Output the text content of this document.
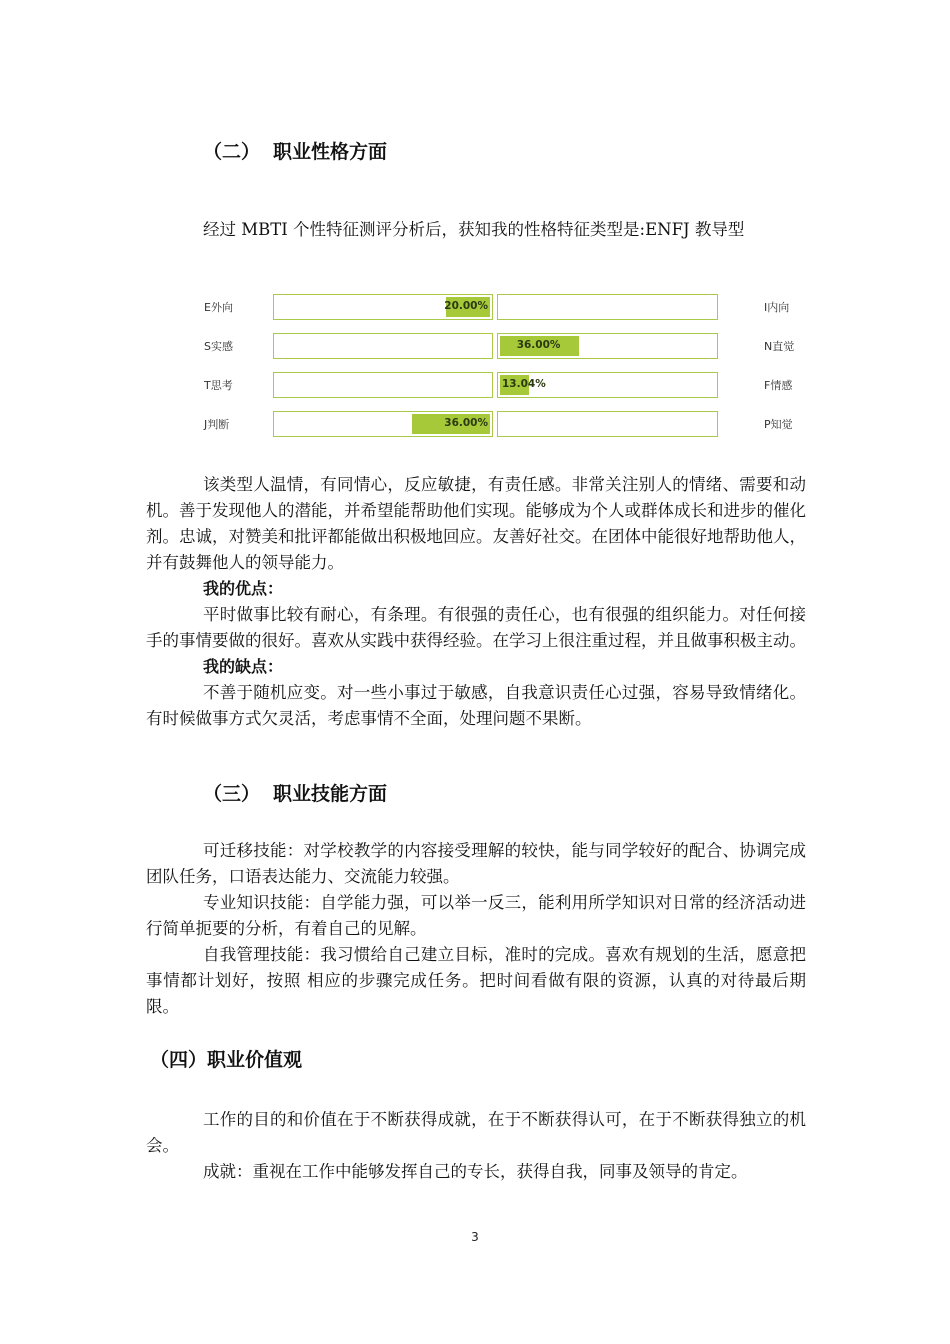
（二） 职业性格方面

经过 MBTI 个性特征测评分析后，获知我的性格特征类型是:ENFJ 教导型

E外向	20.00%	I内向
S实感	36.00%	N直觉
T思考	13.04%	F情感
J判断	36.00%	P知觉

该类型人温情，有同情心，反应敏捷，有责任感。非常关注别人的情绪、需要和动机。善于发现他人的潜能，并希望能帮助他们实现。能够成为个人或群体成长和进步的催化剂。忠诚，对赞美和批评都能做出积极地回应。友善好社交。在团体中能很好地帮助他人，并有鼓舞他人的领导能力。

我的优点：

平时做事比较有耐心，有条理。有很强的责任心，也有很强的组织能力。对任何接手的事情要做的很好。喜欢从实践中获得经验。在学习上很注重过程，并且做事积极主动。

我的缺点：

不善于随机应变。对一些小事过于敏感，自我意识责任心过强，容易导致情绪化。有时候做事方式欠灵活，考虑事情不全面，处理问题不果断。

（三） 职业技能方面

可迁移技能：对学校教学的内容接受理解的较快，能与同学较好的配合、协调完成团队任务，口语表达能力、交流能力较强。

专业知识技能：自学能力强，可以举一反三，能利用所学知识对日常的经济活动进行简单扼要的分析，有着自己的见解。

自我管理技能：我习惯给自己建立目标，准时的完成。喜欢有规划的生活，愿意把事情都计划好，按照 相应的步骤完成任务。把时间看做有限的资源，认真的对待最后期限。

（四）职业价值观

工作的目的和价值在于不断获得成就，在于不断获得认可，在于不断获得独立的机会。

成就：重视在工作中能够发挥自己的专长，获得自我，同事及领导的肯定。

3
